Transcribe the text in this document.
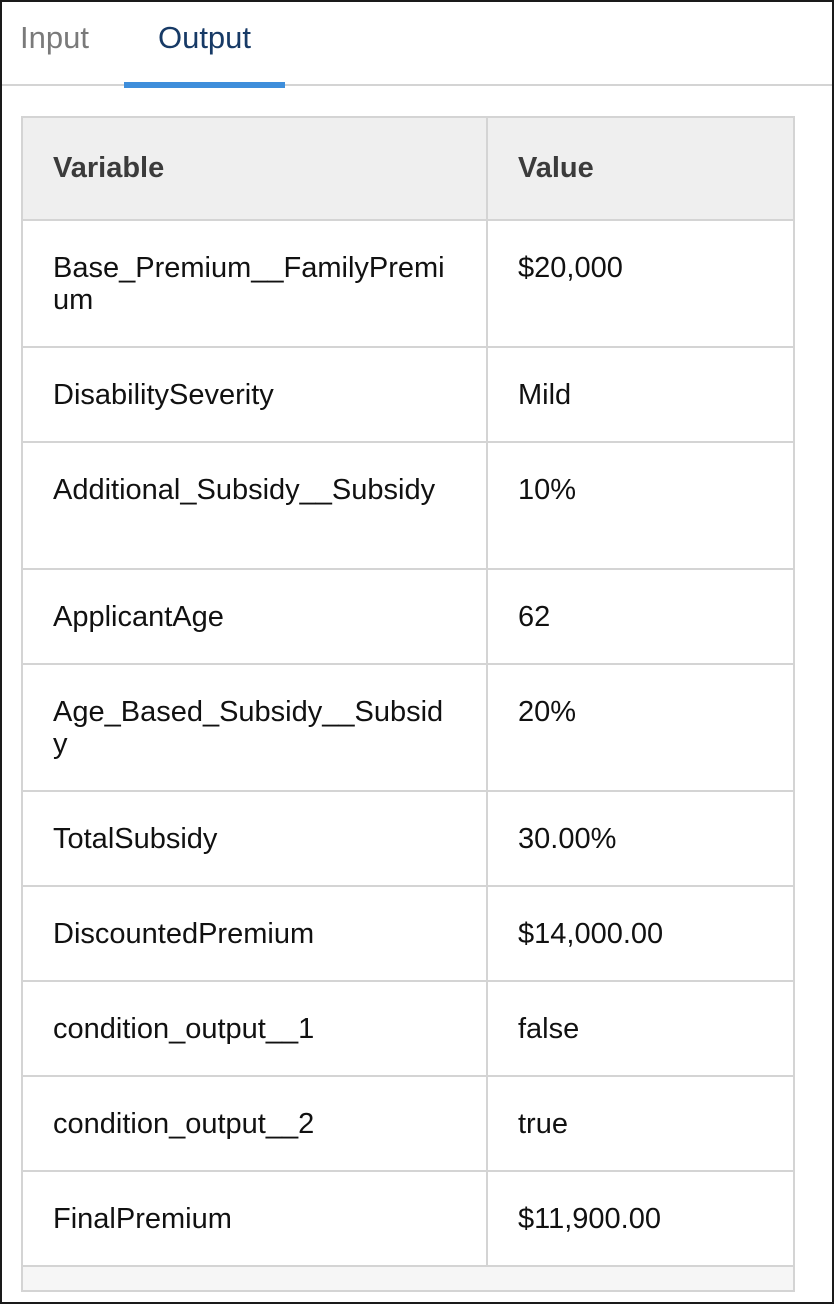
Input	Output
Variable	Value
Base_Premium__FamilyPremium	$20,000
DisabilitySeverity	Mild
Additional_Subsidy__Subsidy	10%
ApplicantAge	62
Age_Based_Subsidy__Subsidy	20%
TotalSubsidy	30.00%
DiscountedPremium	$14,000.00
condition_output__1	false
condition_output__2	true
FinalPremium	$11,900.00
